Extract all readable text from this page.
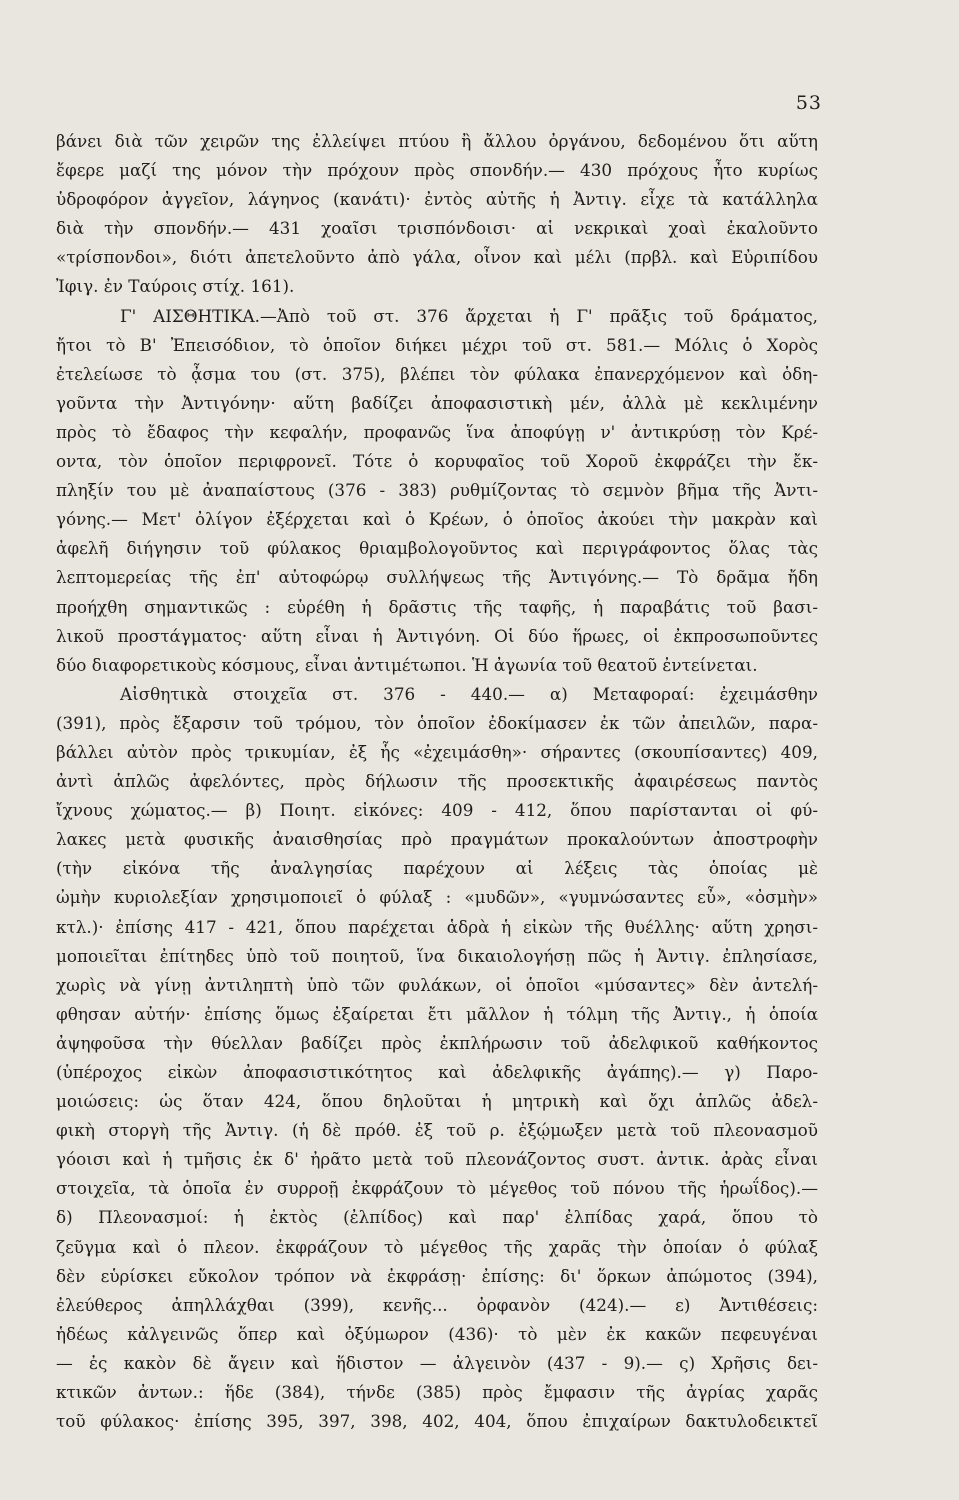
53
βάνει διὰ τῶν χειρῶν της ἐλλείψει πτύου ἢ ἄλλου ὀργάνου, δεδομένου ὅτι αὕτη
ἔφερε μαζί της μόνον τὴν πρόχουν πρὸς σπονδήν.— 430 πρόχους ἦτο κυρίως
ὑδροφόρον ἀγγεῖον, λάγηνος (κανάτι)· ἐντὸς αὐτῆς ἡ Ἀντιγ. εἶχε τὰ κατάλληλα
διὰ τὴν σπονδήν.— 431 χοαῖσι τρισπόνδοισι· αἱ νεκρικαὶ χοαὶ ἐκαλοῦντο
«τρίσπονδοι», διότι ἀπετελοῦντο ἀπὸ γάλα, οἶνον καὶ μέλι (πρβλ. καὶ Εὐριπίδου
Ἰφιγ. ἐν Ταύροις στίχ. 161).
Γ' ΑΙΣΘΗΤΙΚΑ.—Ἀπὸ τοῦ στ. 376 ἄρχεται ἡ Γ' πρᾶξις τοῦ δράματος,
ἤτοι τὸ Β' Ἐπεισόδιον, τὸ ὁποῖον διήκει μέχρι τοῦ στ. 581.— Μόλις ὁ Χορὸς
ἐτελείωσε τὸ ᾆσμα του (στ. 375), βλέπει τὸν φύλακα ἐπανερχόμενον καὶ ὁδη-
γοῦντα τὴν Ἀντιγόνην· αὕτη βαδίζει ἀποφασιστικὴ μέν, ἀλλὰ μὲ κεκλιμένην
πρὸς τὸ ἔδαφος τὴν κεφαλήν, προφανῶς ἵνα ἀποφύγῃ ν' ἀντικρύσῃ τὸν Κρέ-
οντα, τὸν ὁποῖον περιφρονεῖ. Τότε ὁ κορυφαῖος τοῦ Χοροῦ ἐκφράζει τὴν ἔκ-
πληξίν του μὲ ἀναπαίστους (376 - 383) ρυθμίζοντας τὸ σεμνὸν βῆμα τῆς Ἀντι-
γόνης.— Μετ' ὀλίγον ἐξέρχεται καὶ ὁ Κρέων, ὁ ὁποῖος ἀκούει τὴν μακρὰν καὶ
ἀφελῆ διήγησιν τοῦ φύλακος θριαμβολογοῦντος καὶ περιγράφοντος ὅλας τὰς
λεπτομερείας τῆς ἐπ' αὐτοφώρῳ συλλήψεως τῆς Ἀντιγόνης.— Τὸ δρᾶμα ἤδη
προήχθη σημαντικῶς : εὑρέθη ἡ δρᾶστις τῆς ταφῆς, ἡ παραβάτις τοῦ βασι-
λικοῦ προστάγματος· αὕτη εἶναι ἡ Ἀντιγόνη. Οἱ δύο ἥρωες, οἱ ἐκπροσωποῦντες
δύο διαφορετικοὺς κόσμους, εἶναι ἀντιμέτωποι. Ἡ ἀγωνία τοῦ θεατοῦ ἐντείνεται.
Αἰσθητικὰ στοιχεῖα στ. 376 - 440.— α) Μεταφοραί: ἐχειμάσθην
(391), πρὸς ἔξαρσιν τοῦ τρόμου, τὸν ὁποῖον ἐδοκίμασεν ἐκ τῶν ἀπειλῶν, παρα-
βάλλει αὐτὸν πρὸς τρικυμίαν, ἐξ ἧς «ἐχειμάσθη»· σήραντες (σκουπίσαντες) 409,
ἀντὶ ἁπλῶς ἀφελόντες, πρὸς δήλωσιν τῆς προσεκτικῆς ἀφαιρέσεως παντὸς
ἴχνους χώματος.— β) Ποιητ. εἰκόνες: 409 - 412, ὅπου παρίστανται οἱ φύ-
λακες μετὰ φυσικῆς ἀναισθησίας πρὸ πραγμάτων προκαλούντων ἀποστροφὴν
(τὴν εἰκόνα τῆς ἀναλγησίας παρέχουν αἱ λέξεις τὰς ὁποίας μὲ
ὠμὴν κυριολεξίαν χρησιμοποιεῖ ὁ φύλαξ : «μυδῶν», «γυμνώσαντες εὖ», «ὀσμὴν»
κτλ.)· ἐπίσης 417 - 421, ὅπου παρέχεται ἁδρὰ ἡ εἰκὼν τῆς θυέλλης· αὕτη χρησι-
μοποιεῖται ἐπίτηδες ὑπὸ τοῦ ποιητοῦ, ἵνα δικαιολογήσῃ πῶς ἡ Ἀντιγ. ἐπλησίασε,
χωρὶς νὰ γίνῃ ἀντιληπτὴ ὑπὸ τῶν φυλάκων, οἱ ὁποῖοι «μύσαντες» δὲν ἀντελή-
φθησαν αὐτήν· ἐπίσης ὅμως ἐξαίρεται ἔτι μᾶλλον ἡ τόλμη τῆς Ἀντιγ., ἡ ὁποία
ἀψηφοῦσα τὴν θύελλαν βαδίζει πρὸς ἐκπλήρωσιν τοῦ ἀδελφικοῦ καθήκοντος
(ὑπέροχος εἰκὼν ἀποφασιστικότητος καὶ ἀδελφικῆς ἀγάπης).— γ) Παρο-
μοιώσεις: ὡς ὅταν 424, ὅπου δηλοῦται ἡ μητρικὴ καὶ ὄχι ἁπλῶς ἀδελ-
φικὴ στοργὴ τῆς Ἀντιγ. (ἡ δὲ πρόθ. ἐξ τοῦ ρ. ἐξῴμωξεν μετὰ τοῦ πλεονασμοῦ
γόοισι καὶ ἡ τμῆσις ἐκ δ' ἠρᾶτο μετὰ τοῦ πλεονάζοντος συστ. ἀντικ. ἀρὰς εἶναι
στοιχεῖα, τὰ ὁποῖα ἐν συρροῇ ἐκφράζουν τὸ μέγεθος τοῦ πόνου τῆς ἡρωΐδος).—
δ) Πλεονασμοί: ἡ ἐκτὸς (ἐλπίδος) καὶ παρ' ἐλπίδας χαρά, ὅπου τὸ
ζεῦγμα καὶ ὁ πλεον. ἐκφράζουν τὸ μέγεθος τῆς χαρᾶς τὴν ὁποίαν ὁ φύλαξ
δὲν εὑρίσκει εὔκολον τρόπον νὰ ἐκφράσῃ· ἐπίσης: δι' ὅρκων ἀπώμοτος (394),
ἐλεύθερος ἀπηλλάχθαι (399), κενῆς... ὀρφανὸν (424).— ε) Ἀντιθέσεις:
ἡδέως κἀλγεινῶς ὅπερ καὶ ὀξύμωρον (436)· τὸ μὲν ἐκ κακῶν πεφευγέναι
— ἐς κακὸν δὲ ἄγειν καὶ ἥδιστον — ἀλγεινὸν (437 - 9).— ς) Χρῆσις δει-
κτικῶν ἀντων.: ἥδε (384), τήνδε (385) πρὸς ἔμφασιν τῆς ἀγρίας χαρᾶς
τοῦ φύλακος· ἐπίσης 395, 397, 398, 402, 404, ὅπου ἐπιχαίρων δακτυλοδεικτεῖ
